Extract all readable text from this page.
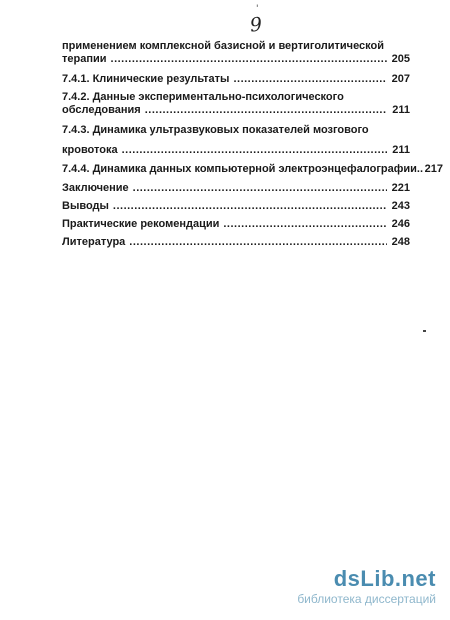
'
9
применением комплексной базисной и вертиголитической
терапии .....	205
7.4.1. Клинические результаты .....	207
7.4.2. Данные экспериментально-психологического
обследования .....	211
7.4.3. Динамика ультразвуковых показателей мозгового
кровотока .....	211
7.4.4. Динамика данных компьютерной электроэнцефалографии.. 217
Заключение .....	221
Выводы .....	243
Практические рекомендации .....	246
Литература .....	248
dsLib.net
библиотека диссертаций
